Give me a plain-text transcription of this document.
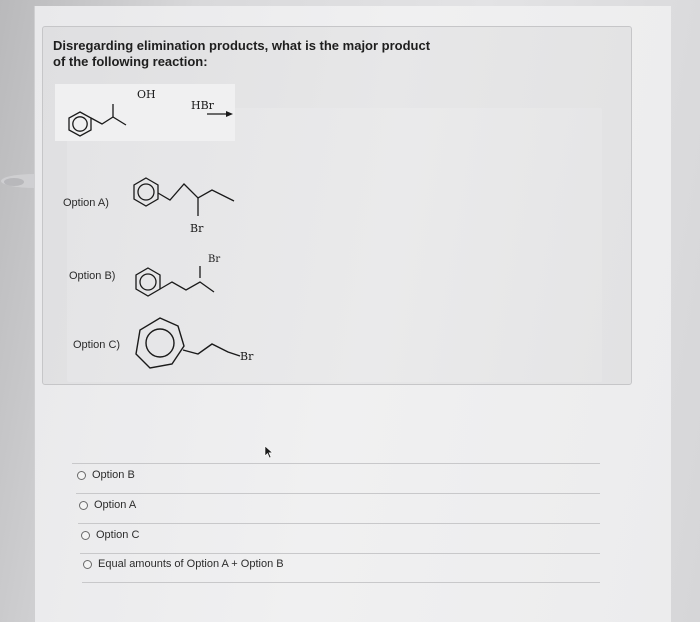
Disregarding elimination products, what is the major product
of the following reaction:

OH
HBr
Option A)
Br
Option B)
Br
Option C)
Br
Option B
Option A
Option C
Equal amounts of Option A + Option B
